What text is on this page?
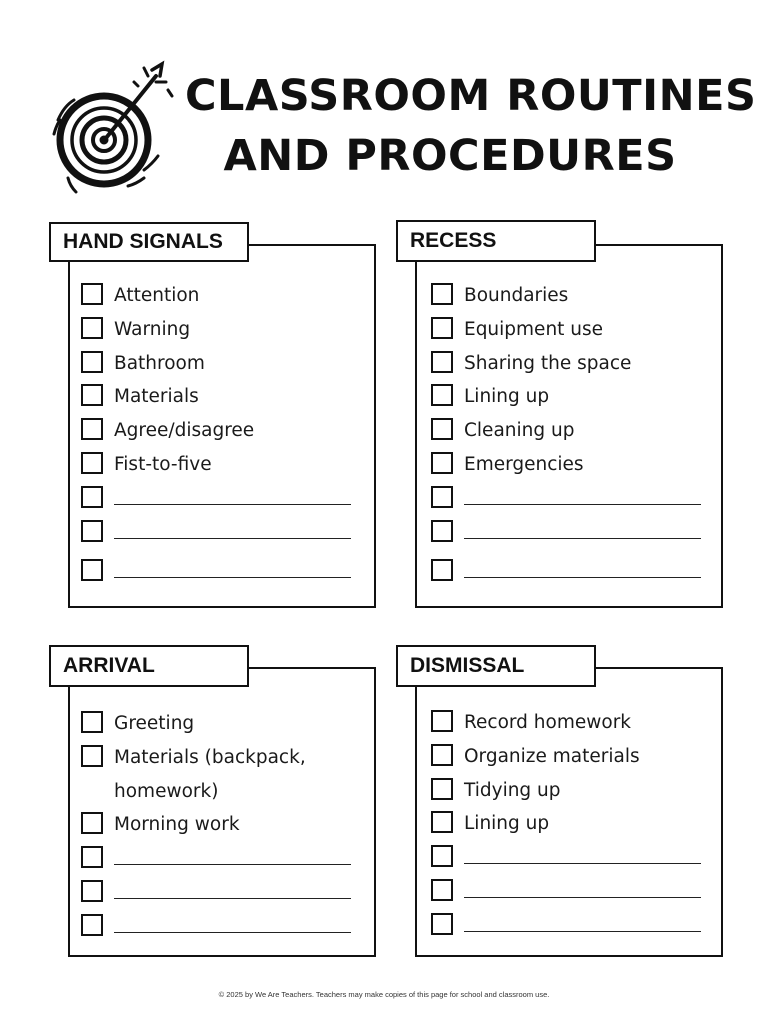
CLASSROOM ROUTINES
AND PROCEDURES
HAND SIGNALS
Attention
Warning
Bathroom
Materials
Agree/disagree
Fist-to-five
RECESS
Boundaries
Equipment use
Sharing the space
Lining up
Cleaning up
Emergencies
ARRIVAL
Greeting
Materials (backpack, homework)
Morning work
DISMISSAL
Record homework
Organize materials
Tidying up
Lining up
© 2025 by We Are Teachers. Teachers may make copies of this page for school and classroom use.
